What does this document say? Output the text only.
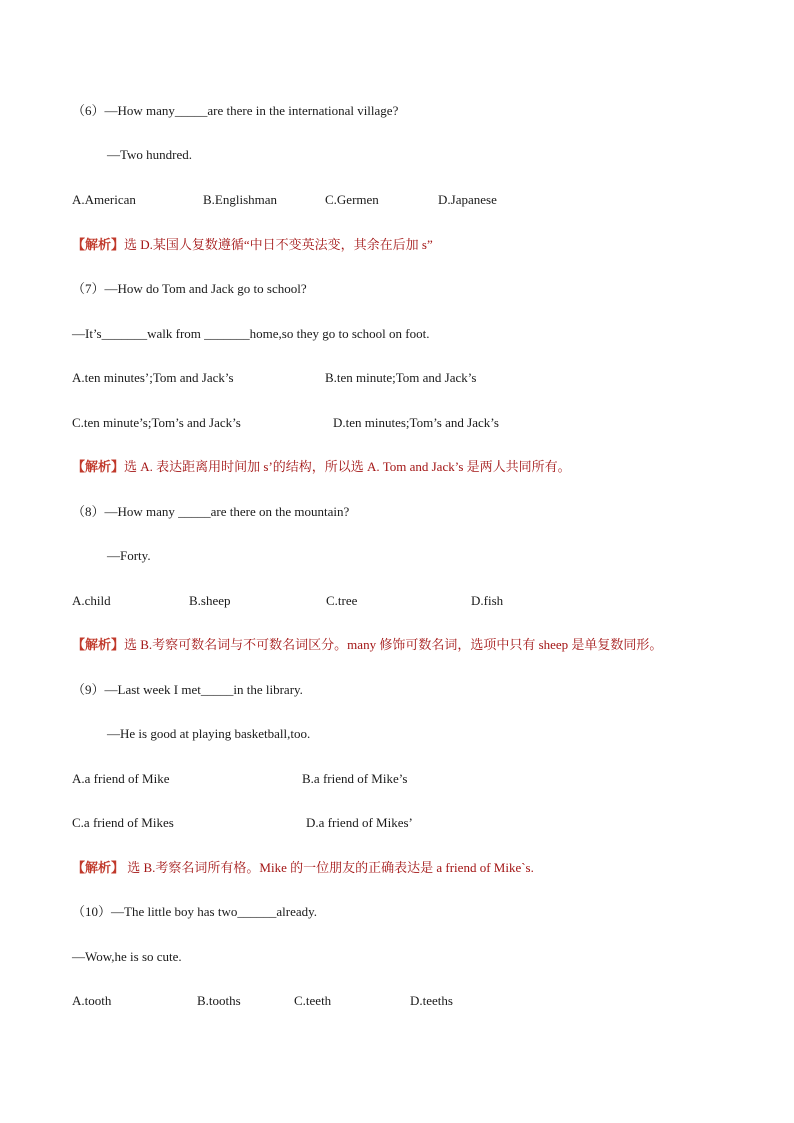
（6）—How many_____are there in the international village?
—Two hundred.
A.American	B.Englishman	C.Germen	D.Japanese
【解析】选 D.某国人复数遵循“中日不变英法变，其余在后加 s”
（7）—How do Tom and Jack go to school?
—It’s_______walk from _______home,so they go to school on foot.
A.ten minutes’;Tom and Jack’s	B.ten minute;Tom and Jack’s
C.ten minute’s;Tom’s and Jack’s	D.ten minutes;Tom’s and Jack’s
【解析】选 A. 表达距离用时间加 s’的结构，所以选 A. Tom and Jack’s 是两人共同所有。
（8）—How many _____are there on the mountain?
—Forty.
A.child	B.sheep	C.tree	D.fish
【解析】选 B.考察可数名词与不可数名词区分。many 修饰可数名词，选项中只有 sheep 是单复数同形。
（9）—Last week I met_____in the library.
—He is good at playing basketball,too.
A.a friend of Mike	B.a friend of Mike’s
C.a friend of Mikes	D.a friend of Mikes’
【解析】 选 B.考察名词所有格。Mike 的一位朋友的正确表达是 a friend of Mike`s.
（10）—The little boy has two______already.
—Wow,he is so cute.
A.tooth	B.tooths	C.teeth	D.teeths
